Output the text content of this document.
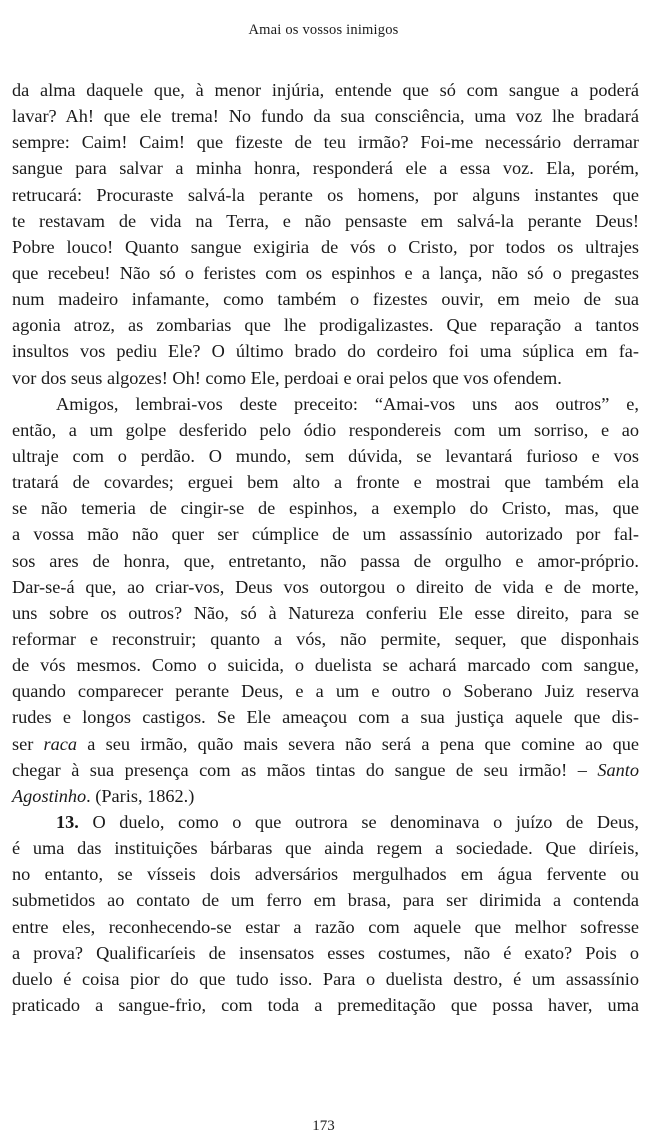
Amai os vossos inimigos
da alma daquele que, à menor injúria, entende que só com sangue a poderá
lavar? Ah! que ele trema! No fundo da sua consciência, uma voz lhe bradará
sempre: Caim! Caim! que fizeste de teu irmão? Foi-me necessário derramar
sangue para salvar a minha honra, responderá ele a essa voz. Ela, porém,
retrucará: Procuraste salvá-la perante os homens, por alguns instantes que
te restavam de vida na Terra, e não pensaste em salvá-la perante Deus!
Pobre louco! Quanto sangue exigiria de vós o Cristo, por todos os ultrajes
que recebeu! Não só o feristes com os espinhos e a lança, não só o pregastes
num madeiro infamante, como também o fizestes ouvir, em meio de sua
agonia atroz, as zombarias que lhe prodigalizastes. Que reparação a tantos
insultos vos pediu Ele? O último brado do cordeiro foi uma súplica em fa-
vor dos seus algozes! Oh! como Ele, perdoai e orai pelos que vos ofendem.
Amigos, lembrai-vos deste preceito: “Amai-vos uns aos outros” e,
então, a um golpe desferido pelo ódio respondereis com um sorriso, e ao
ultraje com o perdão. O mundo, sem dúvida, se levantará furioso e vos
tratará de covardes; erguei bem alto a fronte e mostrai que também ela
se não temeria de cingir-se de espinhos, a exemplo do Cristo, mas, que
a vossa mão não quer ser cúmplice de um assassínio autorizado por fal-
sos ares de honra, que, entretanto, não passa de orgulho e amor-próprio.
Dar-se-á que, ao criar-vos, Deus vos outorgou o direito de vida e de morte,
uns sobre os outros? Não, só à Natureza conferiu Ele esse direito, para se
reformar e reconstruir; quanto a vós, não permite, sequer, que disponhais
de vós mesmos. Como o suicida, o duelista se achará marcado com sangue,
quando comparecer perante Deus, e a um e outro o Soberano Juiz reserva
rudes e longos castigos. Se Ele ameaçou com a sua justiça aquele que dis-
ser raca a seu irmão, quão mais severa não será a pena que comine ao que
chegar à sua presença com as mãos tintas do sangue de seu irmão! – Santo
Agostinho. (Paris, 1862.)
13. O duelo, como o que outrora se denominava o juízo de Deus,
é uma das instituições bárbaras que ainda regem a sociedade. Que diríeis,
no entanto, se vísseis dois adversários mergulhados em água fervente ou
submetidos ao contato de um ferro em brasa, para ser dirimida a contenda
entre eles, reconhecendo-se estar a razão com aquele que melhor sofresse
a prova? Qualificaríeis de insensatos esses costumes, não é exato? Pois o
duelo é coisa pior do que tudo isso. Para o duelista destro, é um assassínio
praticado a sangue-frio, com toda a premeditação que possa haver, uma
173
